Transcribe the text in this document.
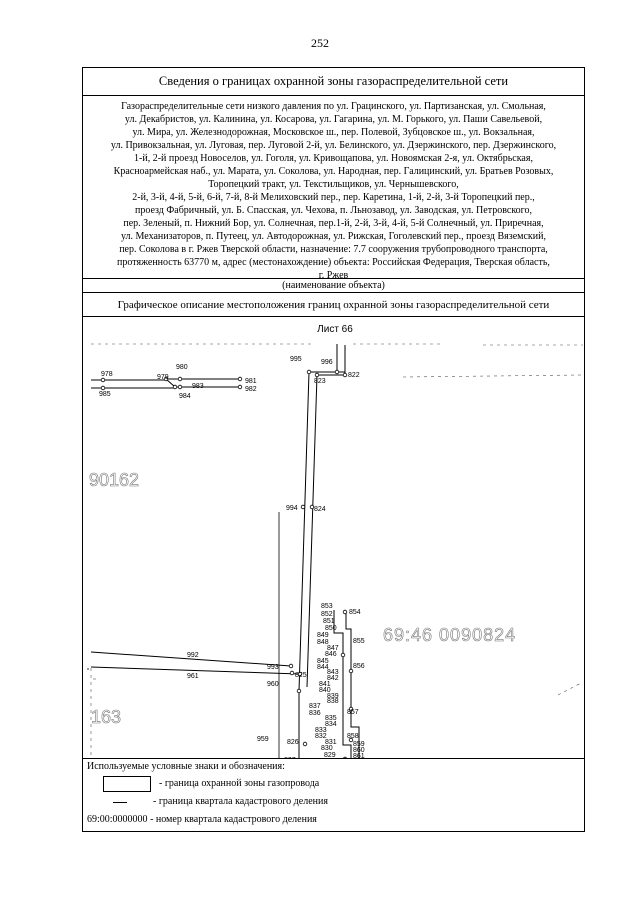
252
Сведения о границах охранной зоны газораспределительной сети
Газораспределительные сети низкого давления по ул. Грацинского, ул. Партизанская, ул. Смольная,
ул. Декабристов, ул. Калинина, ул. Косарова, ул. Гагарина, ул. М. Горького, ул. Паши Савельевой,
ул. Мира, ул. Железнодорожная, Московское ш., пер. Полевой, Зубцовское ш., ул. Вокзальная,
ул. Привокзальная, ул. Луговая, пер. Луговой 2-й, ул. Белинского, ул. Дзержинского, пер. Дзержинского,
1-й, 2-й проезд Новоселов, ул. Гоголя, ул. Кривощапова, ул. Новоямская 2-я, ул. Октябрьская,
Красноармейская наб., ул. Марата, ул. Соколова, ул. Народная, пер. Галицинский, ул. Братьев Розовых,
Торопецкий тракт, ул. Текстильщиков, ул. Чернышевского,
2-й, 3-й, 4-й, 5-й, 6-й, 7-й, 8-й Мелиховский пер., пер. Каретина, 1-й, 2-й, 3-й Торопецкий пер.,
проезд Фабричный, ул. Б. Спасская, ул. Чехова, п. Льнозавод, ул. Заводская, ул. Петровского,
пер. Зеленый, п. Нижний Бор, ул. Солнечная, пер.1-й, 2-й, 3-й, 4-й, 5-й Солнечный, ул. Приречная,
ул. Механизаторов, п. Путеец, ул. Автодорожная, ул. Рижская, Гоголевский пер., проезд Вяземский,
пер. Соколова в г. Ржев Тверской области, назначение: 7.7 сооружения трубопроводного транспорта,
протяженность 63770 м, адрес (местонахождение) объекта: Российская Федерация, Тверская область,
г. Ржев
(наименование объекта)
Графическое описание местоположения границ охранной зоны газораспределительной сети
Лист 66
90162
69:46 0090824
163
978	979
980
981
982
983
984
985
995	996
822
823
994 824
992
961
993
825
960
853
852 854
851
850
849
848	855
847
846
845
844
843
856
842
841
840
839
838
837
836	857
835
834
833
832	858
831 859
830	860
829 861
959	826
Используемые условные знаки и обозначения:
- граница охранной зоны газопровода
- граница квартала кадастрового деления
69:00:0000000 - номер квартала кадастрового деления
